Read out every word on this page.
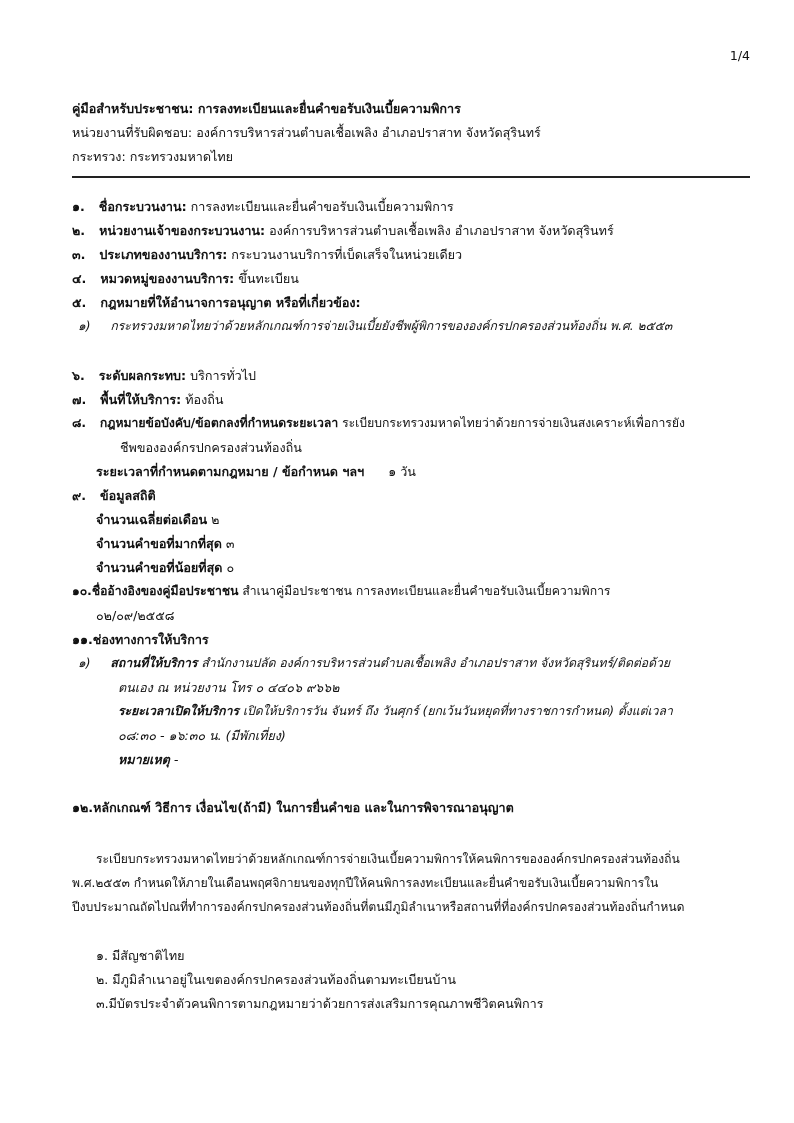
1/4
คู่มือสำหรับประชาชน: การลงทะเบียนและยื่นคำขอรับเงินเบี้ยความพิการ
หน่วยงานที่รับผิดชอบ: องค์การบริหารส่วนตำบลเชื้อเพลิง อำเภอปราสาท จังหวัดสุรินทร์
กระทรวง: กระทรวงมหาดไทย
๑. ชื่อกระบวนงาน: การลงทะเบียนและยื่นคำขอรับเงินเบี้ยความพิการ
๒. หน่วยงานเจ้าของกระบวนงาน: องค์การบริหารส่วนตำบลเชื้อเพลิง อำเภอปราสาท จังหวัดสุรินทร์
๓. ประเภทของงานบริการ: กระบวนงานบริการที่เบ็ดเสร็จในหน่วยเดียว
๔. หมวดหมู่ของงานบริการ: ขึ้นทะเบียน
๕. กฎหมายที่ให้อำนาจการอนุญาต หรือที่เกี่ยวข้อง:
๑) กระทรวงมหาดไทยว่าด้วยหลักเกณฑ์การจ่ายเงินเบี้ยยังชีพผู้พิการขององค์กรปกครองส่วนท้องถิ่น พ.ศ. ๒๕๕๓
๖. ระดับผลกระทบ: บริการทั่วไป
๗. พื้นที่ให้บริการ: ท้องถิ่น
๘. กฎหมายข้อบังคับ/ข้อตกลงที่กำหนดระยะเวลา ระเบียบกระทรวงมหาดไทยว่าด้วยการจ่ายเงินสงเคราะห์เพื่อการยัง
ชีพขององค์กรปกครองส่วนท้องถิ่น
ระยะเวลาที่กำหนดตามกฎหมาย / ข้อกำหนด ฯลฯ ๑ วัน
๙. ข้อมูลสถิติ
จำนวนเฉลี่ยต่อเดือน ๒
จำนวนคำขอที่มากที่สุด ๓
จำนวนคำขอที่น้อยที่สุด ๐
๑๐.ชื่ออ้างอิงของคู่มือประชาชน สำเนาคู่มือประชาชน การลงทะเบียนและยื่นคำขอรับเงินเบี้ยความพิการ
๐๒/๐๙/๒๕๕๘
๑๑.ช่องทางการให้บริการ
๑) สถานที่ให้บริการ สำนักงานปลัด องค์การบริหารส่วนตำบลเชื้อเพลิง อำเภอปราสาท จังหวัดสุรินทร์/ติดต่อด้วย
ตนเอง ณ หน่วยงาน โทร ๐ ๔๔๐๖ ๙๖๖๒
ระยะเวลาเปิดให้บริการ เปิดให้บริการวัน จันทร์ ถึง วันศุกร์ (ยกเว้นวันหยุดที่ทางราชการกำหนด) ตั้งแต่เวลา
๐๘:๓๐ - ๑๖:๓๐ น. (มีพักเที่ยง)
หมายเหตุ -
๑๒.หลักเกณฑ์ วิธีการ เงื่อนไข(ถ้ามี) ในการยื่นคำขอ และในการพิจารณาอนุญาต
ระเบียบกระทรวงมหาดไทยว่าด้วยหลักเกณฑ์การจ่ายเงินเบี้ยความพิการให้คนพิการขององค์กรปกครองส่วนท้องถิ่น
พ.ศ.๒๕๕๓ กำหนดให้ภายในเดือนพฤศจิกายนของทุกปีให้คนพิการลงทะเบียนและยื่นคำขอรับเงินเบี้ยความพิการใน
ปีงบประมาณถัดไปณที่ทำการองค์กรปกครองส่วนท้องถิ่นที่ตนมีภูมิลำเนาหรือสถานที่ที่องค์กรปกครองส่วนท้องถิ่นกำหนด
๑. มีสัญชาติไทย
๒. มีภูมิลำเนาอยู่ในเขตองค์กรปกครองส่วนท้องถิ่นตามทะเบียนบ้าน
๓.มีบัตรประจำตัวคนพิการตามกฎหมายว่าด้วยการส่งเสริมการคุณภาพชีวิตคนพิการ
